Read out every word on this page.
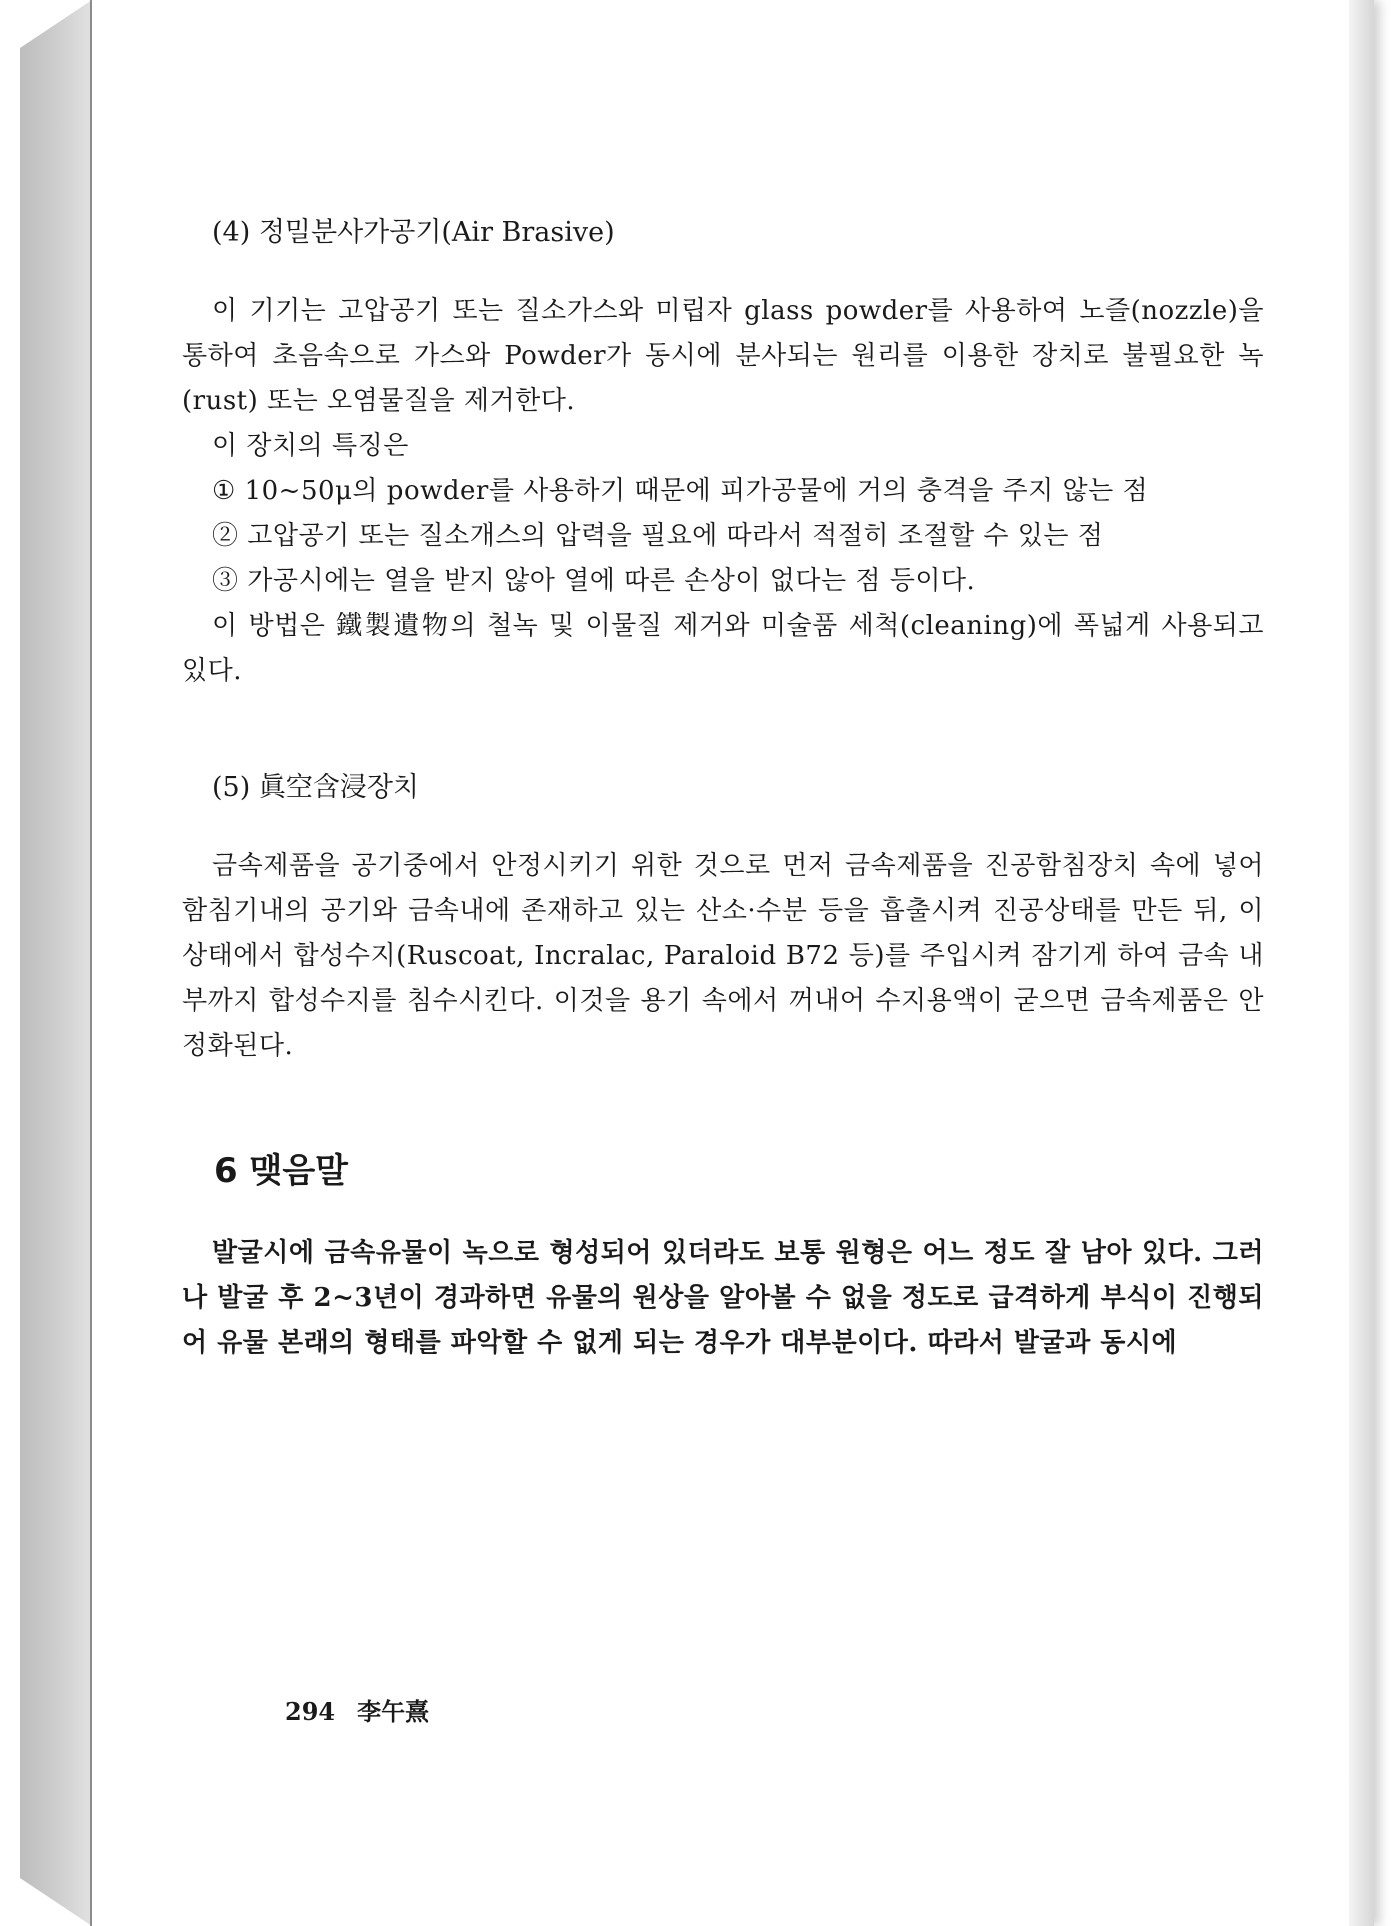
(4) 정밀분사가공기(Air Brasive)

이 기기는 고압공기 또는 질소가스와 미립자 glass powder를 사용하여 노즐(nozzle)을 통하여 초음속으로 가스와 Powder가 동시에 분사되는 원리를 이용한 장치로 불필요한 녹(rust) 또는 오염물질을 제거한다.

이 장치의 특징은

① 10~50μ의 powder를 사용하기 때문에 피가공물에 거의 충격을 주지 않는 점

② 고압공기 또는 질소개스의 압력을 필요에 따라서 적절히 조절할 수 있는 점

③ 가공시에는 열을 받지 않아 열에 따른 손상이 없다는 점 등이다.

이 방법은 鐵製遺物의 철녹 및 이물질 제거와 미술품 세척(cleaning)에 폭넓게 사용되고 있다.

(5) 眞空含浸장치

금속제품을 공기중에서 안정시키기 위한 것으로 먼저 금속제품을 진공함침장치 속에 넣어 함침기내의 공기와 금속내에 존재하고 있는 산소·수분 등을 흡출시켜 진공상태를 만든 뒤, 이 상태에서 합성수지(Ruscoat, Incralac, Paraloid B72 등)를 주입시켜 잠기게 하여 금속 내부까지 합성수지를 침수시킨다. 이것을 용기 속에서 꺼내어 수지용액이 굳으면 금속제품은 안정화된다.

6 맺음말

발굴시에 금속유물이 녹으로 형성되어 있더라도 보통 원형은 어느 정도 잘 남아 있다. 그러나 발굴 후 2~3년이 경과하면 유물의 원상을 알아볼 수 없을 정도로 급격하게 부식이 진행되어 유물 본래의 형태를 파악할 수 없게 되는 경우가 대부분이다. 따라서 발굴과 동시에

294 李午熹
